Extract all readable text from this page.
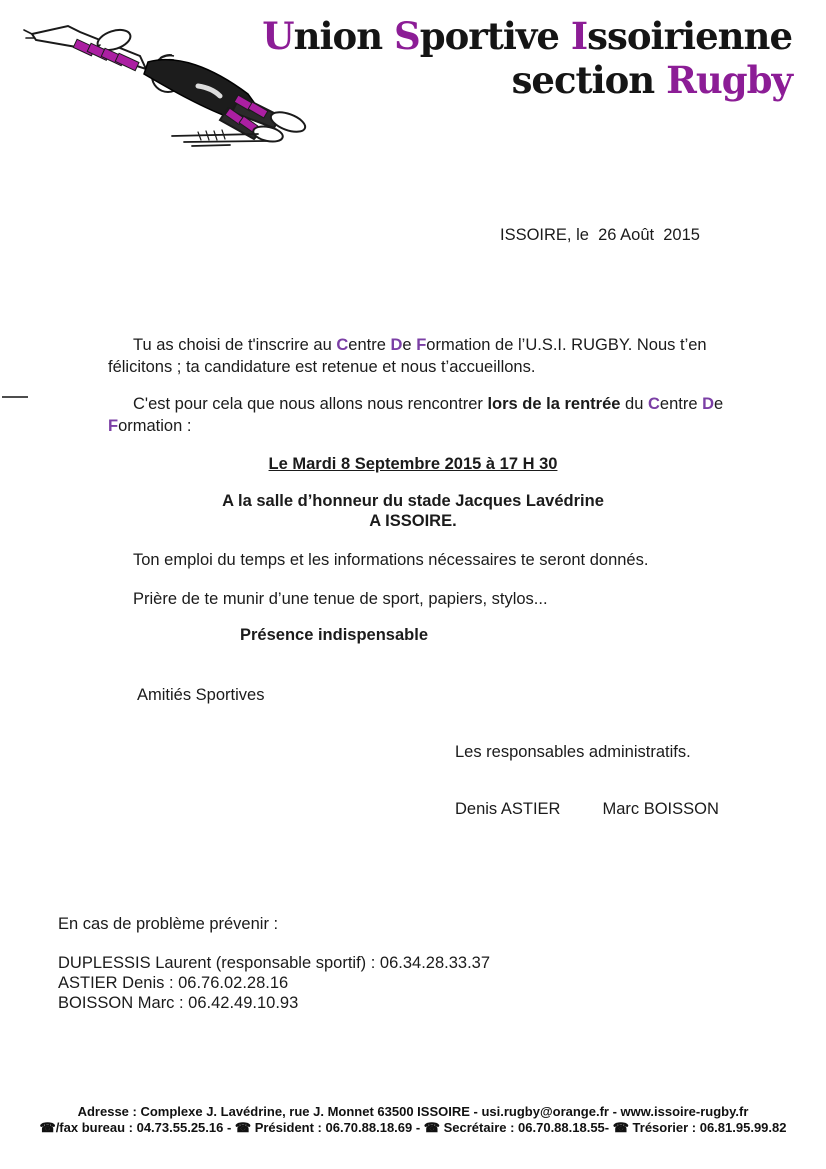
Union Sportive Issoirienne
section Rugby
ISSOIRE, le  26 Août  2015

Tu as choisi de t'inscrire au Centre De Formation de l’U.S.I. RUGBY. Nous t’en
félicitons ; ta candidature est retenue et nous t’accueillons.

C'est pour cela que nous allons nous rencontrer lors de la rentrée du Centre De
Formation :

Le Mardi 8 Septembre 2015 à 17 H 30
A la salle d’honneur du stade Jacques Lavédrine
A ISSOIRE.
Ton emploi du temps et les informations nécessaires te seront donnés.
Prière de te munir d’une tenue de sport, papiers, stylos...
Présence indispensable
Amitiés Sportives
Les responsables administratifs.
Denis ASTIER	Marc BOISSON
En cas de problème prévenir :
DUPLESSIS Laurent (responsable sportif) : 06.34.28.33.37
ASTIER Denis : 06.76.02.28.16
BOISSON Marc : 06.42.49.10.93
Adresse : Complexe J. Lavédrine, rue J. Monnet 63500 ISSOIRE - usi.rugby@orange.fr - www.issoire-rugby.fr
☎/fax bureau : 04.73.55.25.16 - ☎ Président : 06.70.88.18.69 - ☎ Secrétaire : 06.70.88.18.55- ☎ Trésorier : 06.81.95.99.82
